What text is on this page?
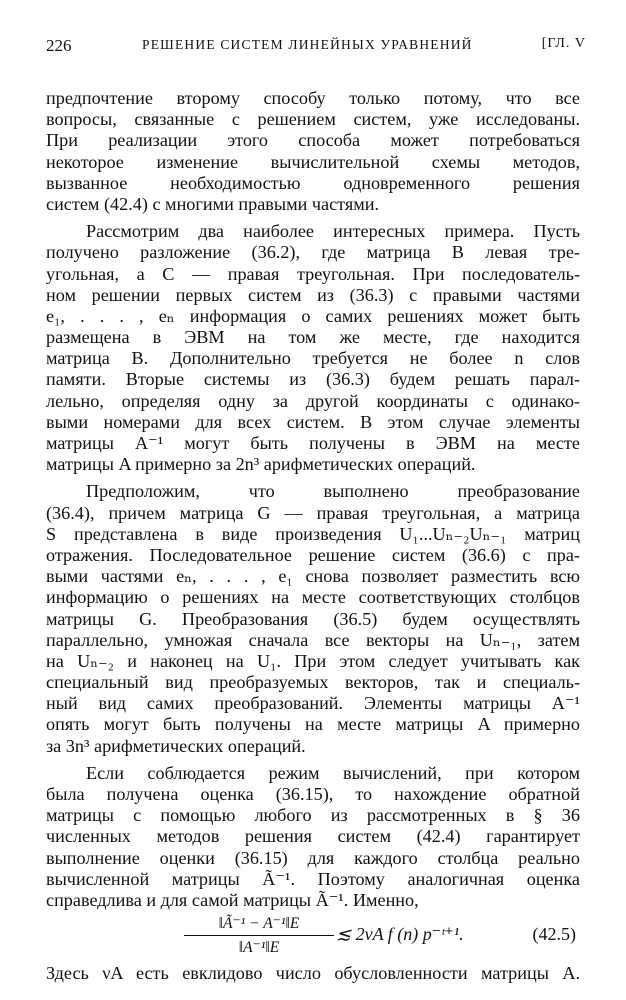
226	РЕШЕНИЕ СИСТЕМ ЛИНЕЙНЫХ УРАВНЕНИЙ	[ГЛ. V
предпочтение второму способу только потому, что все
вопросы, связанные с решением систем, уже исследованы.
При реализации этого способа может потребоваться
некоторое изменение вычислительной схемы методов,
вызванное необходимостью одновременного решения
систем (42.4) с многими правыми частями.
Рассмотрим два наиболее интересных примера. Пусть
получено разложение (36.2), где матрица B левая тре-
угольная, а C — правая треугольная. При последователь-
ном решении первых систем из (36.3) с правыми частями
e₁, . . . , eₙ информация о самих решениях может быть
размещена в ЭВМ на том же месте, где находится
матрица B. Дополнительно требуется не более n слов
памяти. Вторые системы из (36.3) будем решать парал-
лельно, определяя одну за другой координаты с одинако-
выми номерами для всех систем. В этом случае элементы
матрицы A⁻¹ могут быть получены в ЭВМ на месте
матрицы A примерно за 2n³ арифметических операций.
Предположим, что выполнено преобразование
(36.4), причем матрица G — правая треугольная, а матрица
S представлена в виде произведения U₁...Uₙ₋₂Uₙ₋₁ матриц
отражения. Последовательное решение систем (36.6) с пра-
выми частями eₙ, . . . , e₁ снова позволяет разместить всю
информацию о решениях на месте соответствующих столбцов
матрицы G. Преобразования (36.5) будем осуществлять
параллельно, умножая сначала все векторы на Uₙ₋₁, затем
на Uₙ₋₂ и наконец на U₁. При этом следует учитывать как
специальный вид преобразуемых векторов, так и специаль-
ный вид самих преобразований. Элементы матрицы A⁻¹
опять могут быть получены на месте матрицы A примерно
за 3n³ арифметических операций.
Если соблюдается режим вычислений, при котором
была получена оценка (36.15), то нахождение обратной
матрицы с помощью любого из рассмотренных в § 36
численных методов решения систем (42.4) гарантирует
выполнение оценки (36.15) для каждого столбца реально
вычисленной матрицы Ã⁻¹. Поэтому аналогичная оценка
справедлива и для самой матрицы Ã⁻¹. Именно,
$\frac{\text{‖Ã⁻¹ − A⁻¹‖E}}{\text{‖A⁻¹‖E}}$ ≲ 2νA f (n) p⁻ᵗ⁺¹.	(42.5)
Здесь νA есть евклидово число обусловленности матрицы A.
